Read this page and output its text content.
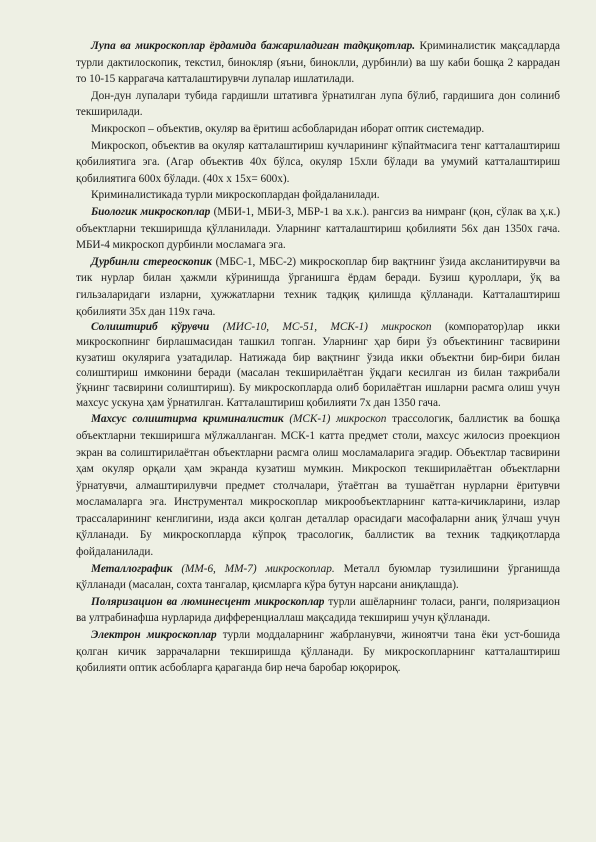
Лупа ва микроскоплар ёрдамида бажариладиган тадқиқотлар. Криминалистик мақсадларда турли дактилоскопик, текстил, бинокляр (яъни, биноклли, дурбинли) ва шу каби бошқа 2 каррадан то 10-15 каррагача катталаштирувчи лупалар ишлатилади.

Дон-дун лупалари тубида гардишли штативга ўрнатилган лупа бўлиб, гардишига дон солиниб текширилади.

Микроскоп – объектив, окуляр ва ёритиш асбобларидан иборат оптик системадир.

Микроскоп, объектив ва окуляр катталаштириш кучларининг кўпайтмасига тенг катталаштириш қобилиятига эга. (Агар объектив 40х бўлса, окуляр 15хли бўлади ва умумий катталаштириш қобилиятига 600х бўлади. (40х х 15х= 600х).

Криминалистикада турли микроскоплардан фойдаланилади.

Биологик микроскоплар (МБИ-1, МБИ-3, МБР-1 ва х.к.). рангсиз ва нимранг (қон, сўлак ва ҳ.к.) объектларни текширишда қўлланилади. Уларнинг катталаштириш қобилияти 56х дан 1350х гача. МБИ-4 микроскоп дурбинли мосламага эга.

Дурбинли стереоскопик (МБС-1, МБС-2) микроскоплар бир вақтнинг ўзида аксланитирувчи ва тик нурлар билан ҳажмли кўринишда ўрганишга ёрдам беради. Бузиш қуроллари, ўқ ва гильзаларидаги изларни, ҳужжатларни техник тадқиқ қилишда қўлланади. Катталаштириш қобилияти 35х дан 119х гача.

Солиштириб кўрувчи (МИС-10, МС-51, МСК-1) микроскоп (компоратор)лар икки микроскопнинг бирлашмасидан ташкил топган. Уларнинг ҳар бири ўз объектининг тасвирини кузатиш окулярига узатадилар. Натижада бир вақтнинг ўзида икки объектни бир-бири билан солиштириш имконини беради (масалан текширилаётган ўқдаги кесилган из билан тажрибали ўқнинг тасвирини солиштириш). Бу микроскопларда олиб борилаётган ишларни расмга олиш учун махсус ускуна ҳам ўрнатилган. Катталаштириш қобилияти 7х дан 1350 гача.

Махсус солиштирма криминалистик (МСК-1) микроскоп трассологик, баллистик ва бошқа объектларни текширишга мўлжалланган. МСК-1 катта предмет столи, махсус жилосиз проекцион экран ва солиштирилаётган объектларни расмга олиш мосламаларига эгадир. Объектлар тасвирини ҳам окуляр орқали ҳам экранда кузатиш мумкин. Микроскоп текширилаётган объектларни ўрнатувчи, алмаштирилувчи предмет столчалари, ўтаётган ва тушаётган нурларни ёритувчи мосламаларга эга. Инструментал микроскоплар микрообъектларнинг катта-кичикларини, излар трассаларининг кенглигини, изда акси қолган деталлар орасидаги масофаларни аниқ ўлчаш учун қўлланади. Бу микроскопларда кўпроқ трасологик, баллистик ва техник тадқиқотларда фойдаланилади.

Металлографик (ММ-6, ММ-7) микроскоплар. Металл буюмлар тузилишини ўрганишда қўлланади (масалан, сохта тангалар, қисмларга кўра бутун нарсани аниқлашда).

Поляризацион ва люминесцент микроскоплар турли ашёларнинг толаси, ранги, поляризацион ва ултрабинафша нурларида дифференциаллаш мақсадида текшириш учун қўлланади.

Электрон микроскоплар турли моддаларнинг жабрланувчи, жиноятчи тана ёки уст-бошида қолган кичик заррачаларни текширишда қўлланади. Бу микроскопларнинг катталаштириш қобилияти оптик асбобларга қараганда бир неча баробар юқорироқ.
